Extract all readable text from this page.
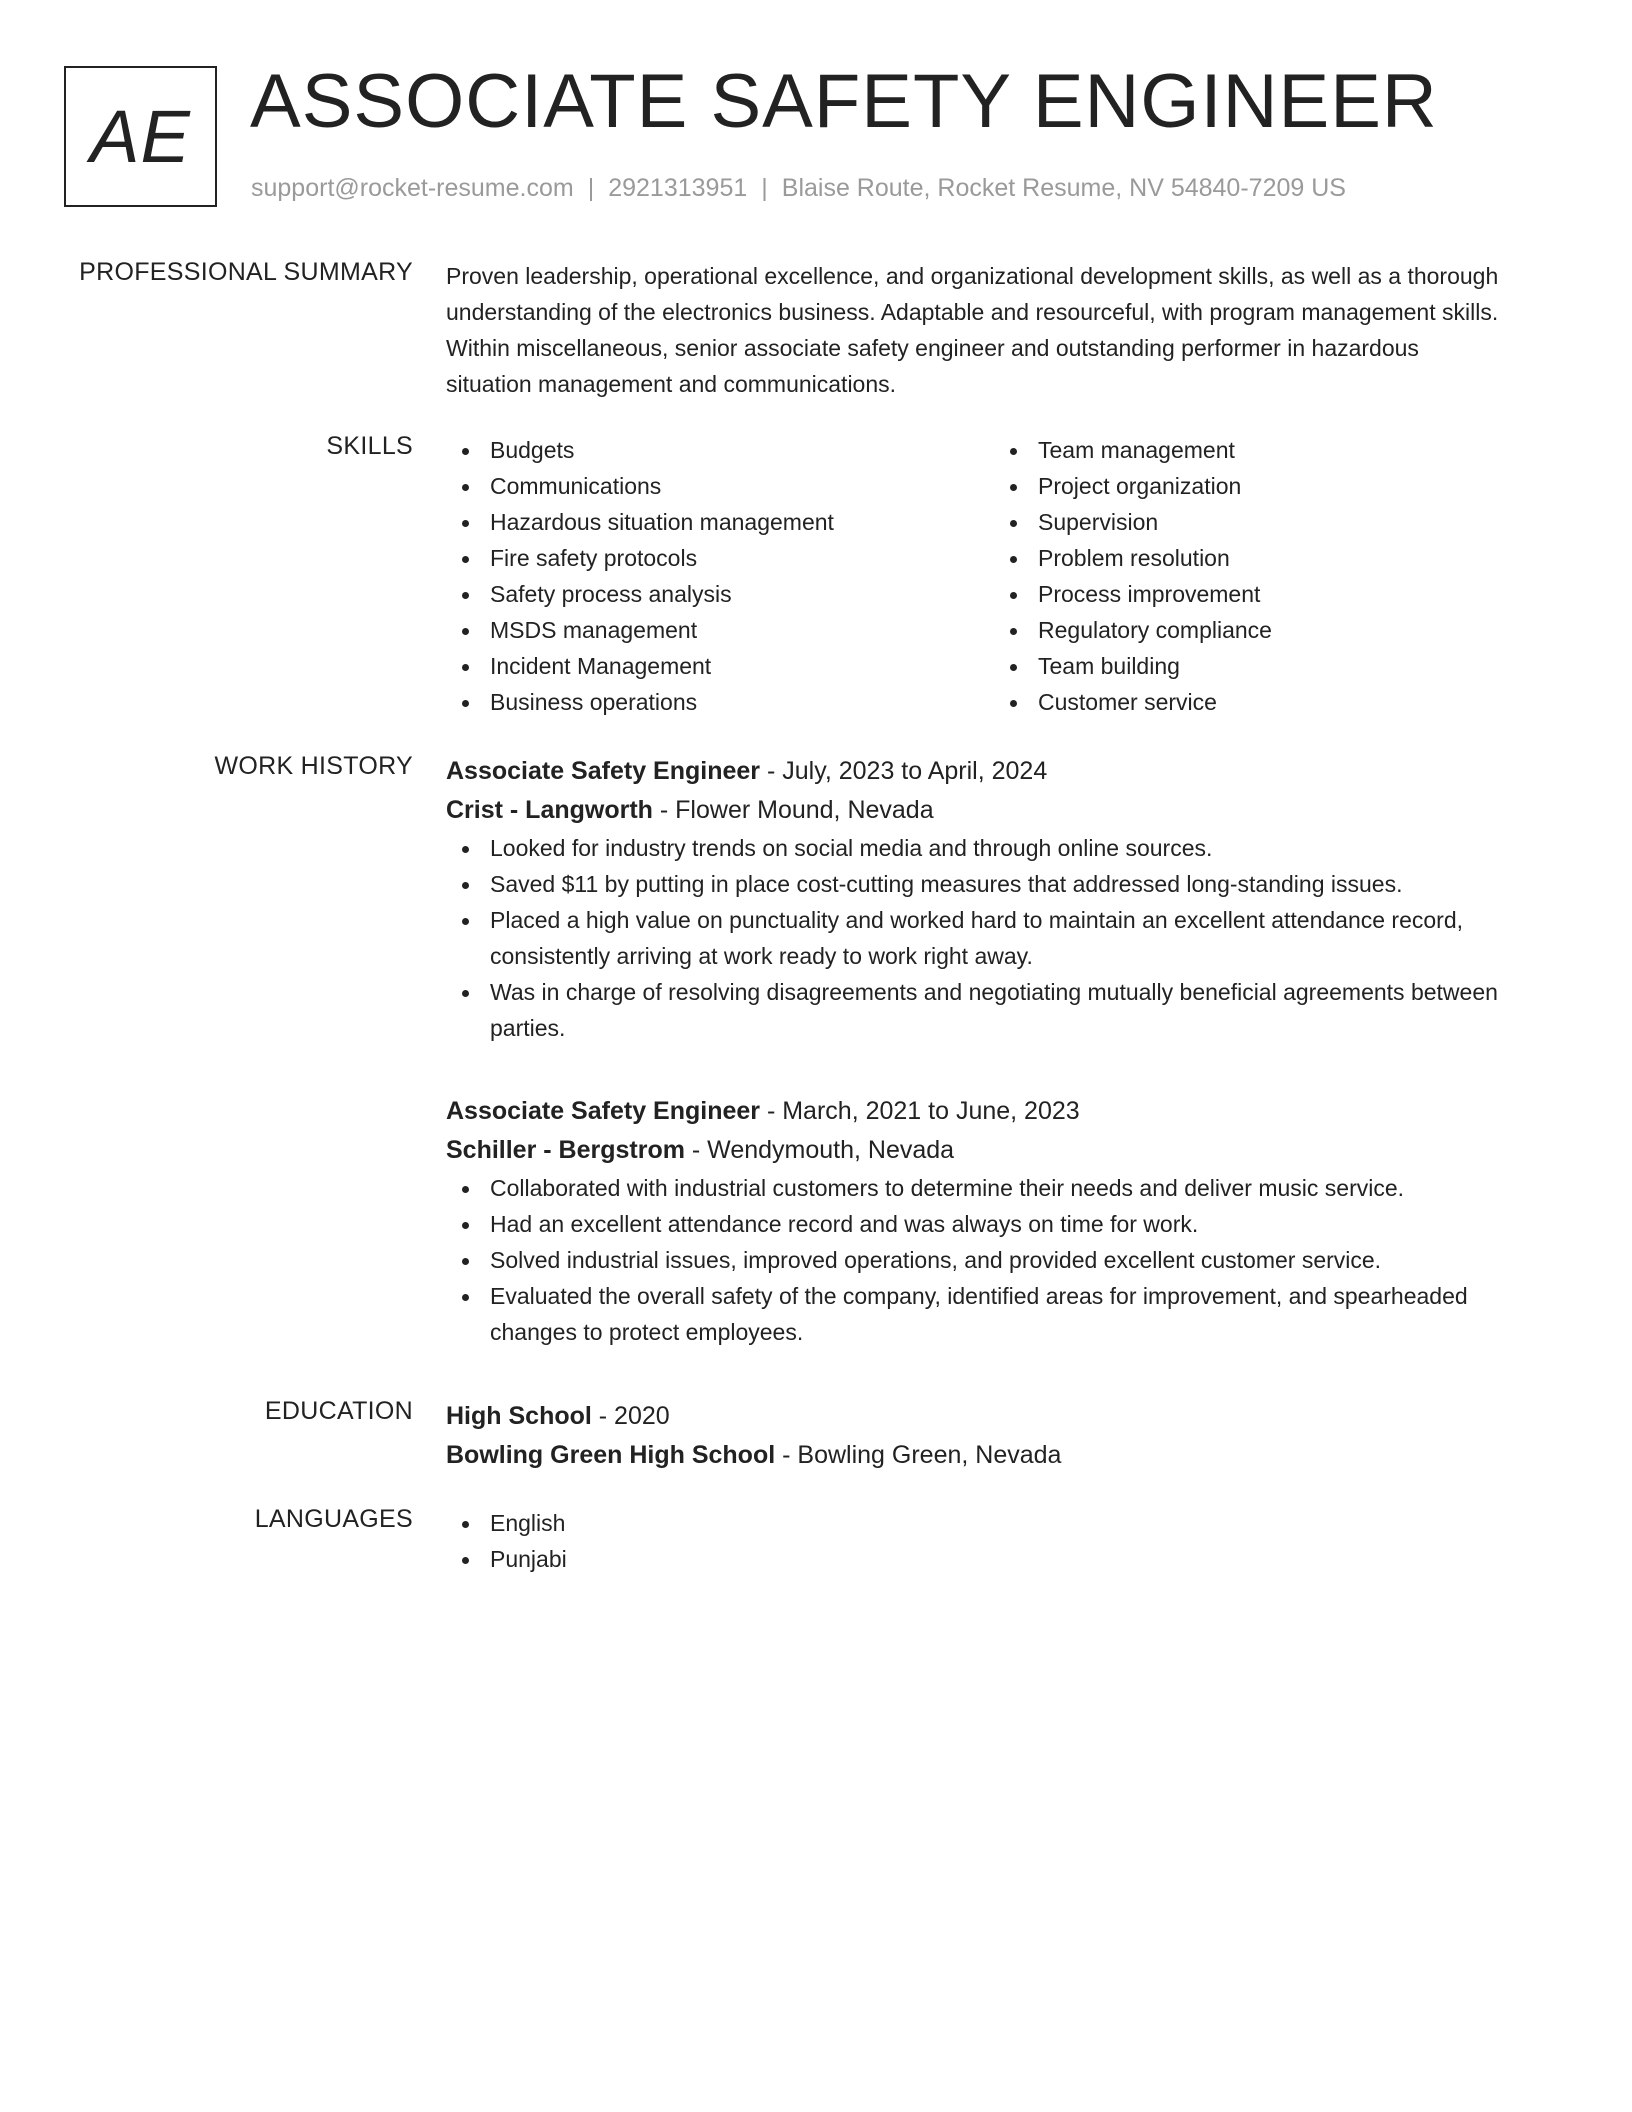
AE ASSOCIATE SAFETY ENGINEER
support@rocket-resume.com | 2921313951 | Blaise Route, Rocket Resume, NV 54840-7209 US
PROFESSIONAL SUMMARY Proven leadership, operational excellence, and organizational development skills, as well as a thorough understanding of the electronics business. Adaptable and resourceful, with program management skills. Within miscellaneous, senior associate safety engineer and outstanding performer in hazardous situation management and communications.

SKILLS	Budgets
Communications
Hazardous situation management
Fire safety protocols
Safety process analysis
MSDS management
Incident Management
Business operations
Team management
Project organization
Supervision
Problem resolution
Process improvement
Regulatory compliance
Team building
Customer service
WORK HISTORY Associate Safety Engineer - July, 2023 to April, 2024
Crist - Langworth - Flower Mound, Nevada
Looked for industry trends on social media and through online sources.
Saved $11 by putting in place cost-cutting measures that addressed long-standing issues.
Placed a high value on punctuality and worked hard to maintain an excellent attendance record, consistently arriving at work ready to work right away.
Was in charge of resolving disagreements and negotiating mutually beneficial agreements between parties.
Associate Safety Engineer - March, 2021 to June, 2023
Schiller - Bergstrom - Wendymouth, Nevada
Collaborated with industrial customers to determine their needs and deliver music service.
Had an excellent attendance record and was always on time for work.
Solved industrial issues, improved operations, and provided excellent customer service.
Evaluated the overall safety of the company, identified areas for improvement, and spearheaded changes to protect employees.
EDUCATION High School - 2020
Bowling Green High School - Bowling Green, Nevada
LANGUAGES	English
Punjabi
